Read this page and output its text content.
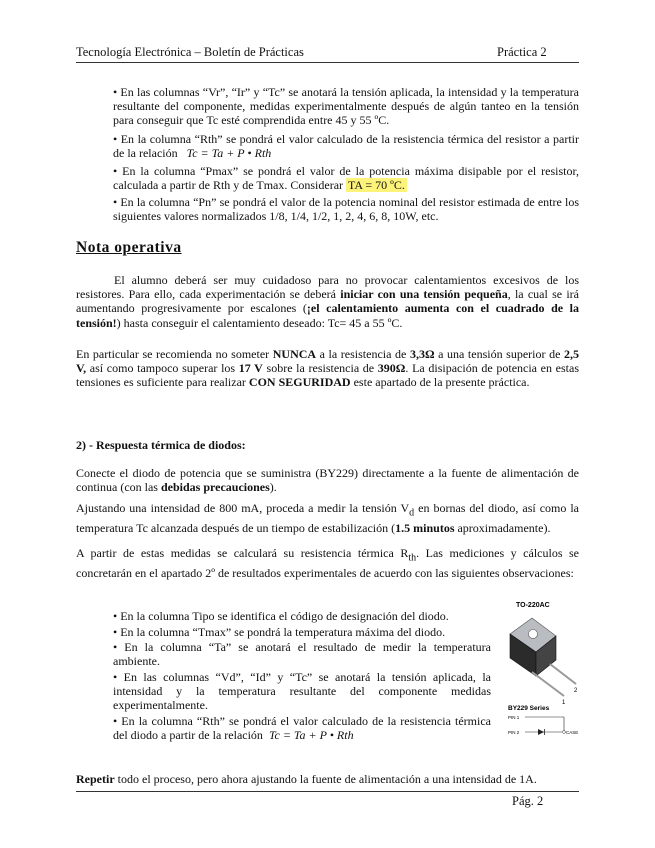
Tecnología Electrónica – Boletín de Prácticas	Práctica 2
• En las columnas “Vr”, “Ir” y “Tc” se anotará la tensión aplicada, la intensidad y la temperatura resultante del componente, medidas experimentalmente después de algún tanteo en la tensión para conseguir que Tc esté comprendida entre 45 y 55 ºC.
• En la columna “Rth” se pondrá el valor calculado de la resistencia térmica del resistor a partir de la relación Tc = Ta + P • Rth
• En la columna “Pmax” se pondrá el valor de la potencia máxima disipable por el resistor, calculada a partir de Rth y de Tmax. Considerar TA = 70 ºC.
• En la columna “Pn” se pondrá el valor de la potencia nominal del resistor estimada de entre los siguientes valores normalizados 1/8, 1/4, 1/2, 1, 2, 4, 6, 8, 10W, etc.
Nota operativa
El alumno deberá ser muy cuidadoso para no provocar calentamientos excesivos de los resistores. Para ello, cada experimentación se deberá iniciar con una tensión pequeña, la cual se irá aumentando progresivamente por escalones (¡el calentamiento aumenta con el cuadrado de la tensión!) hasta conseguir el calentamiento deseado: Tc= 45 a 55 ºC.
En particular se recomienda no someter NUNCA a la resistencia de 3,3Ω a una tensión superior de 2,5 V, así como tampoco superar los 17 V sobre la resistencia de 390Ω. La disipación de potencia en estas tensiones es suficiente para realizar CON SEGURIDAD este apartado de la presente práctica.
2) - Respuesta térmica de diodos:
Conecte el diodo de potencia que se suministra (BY229) directamente a la fuente de alimentación de continua (con las debidas precauciones).
Ajustando una intensidad de 800 mA, proceda a medir la tensión $V_d$ en bornas del diodo, así como la temperatura Tc alcanzada después de un tiempo de estabilización (1.5 minutos aproximadamente).
A partir de estas medidas se calculará su resistencia térmica $R_{th}$. Las mediciones y cálculos se concretarán en el apartado 2º de resultados experimentales de acuerdo con las siguientes observaciones:
• En la columna Tipo se identifica el código de designación del diodo.
• En la columna “Tmax” se pondrá la temperatura máxima del diodo.
• En la columna “Ta” se anotará el resultado de medir la temperatura ambiente.
• En las columnas “Vd”, “Id” y “Tc” se anotará la tensión aplicada, la intensidad y la temperatura resultante del componente medidas experimentalmente.
• En la columna “Rth” se pondrá el valor calculado de la resistencia térmica del diodo a partir de la relación Tc = Ta + P • Rth
TO-220AC
2
1
BY229 Series
PIN 1
CASE
PIN 2
Repetir todo el proceso, pero ahora ajustando la fuente de alimentación a una intensidad de 1A.
Pág. 2
